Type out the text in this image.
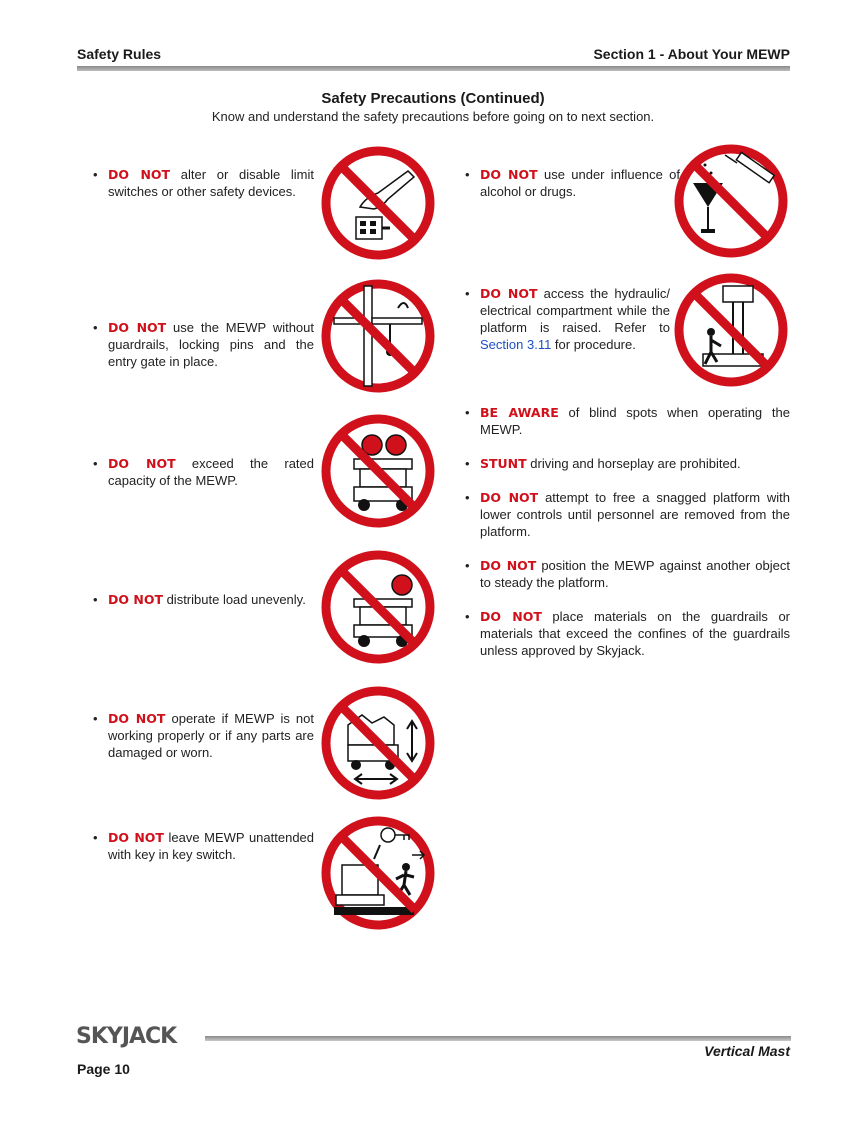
Safety Rules	Section 1 - About Your MEWP
Safety Precautions (Continued)
Know and understand the safety precautions before going on to next section.
• DO NOT alter or disable limit switches or other safety devices.
• DO NOT use the MEWP without guardrails, locking pins and the entry gate in place.
• DO NOT exceed the rated capacity of the MEWP.
• DO NOT distribute load unevenly.
• DO NOT operate if MEWP is not working properly or if any parts are damaged or worn.
• DO NOT leave MEWP unattended with key in key switch.
• DO NOT use under influence of alcohol or drugs.
• DO NOT access the hydraulic/ electrical compartment while the platform is raised. Refer to Section 3.11 for procedure.
• BE AWARE of blind spots when operating the MEWP.
• STUNT driving and horseplay are prohibited.
• DO NOT attempt to free a snagged platform with lower controls until personnel are removed from the platform.
• DO NOT position the MEWP against another object to steady the platform.
• DO NOT place materials on the guardrails or materials that exceed the confines of the guardrails unless approved by Skyjack.
SKYJACK
Vertical Mast
Page 10
